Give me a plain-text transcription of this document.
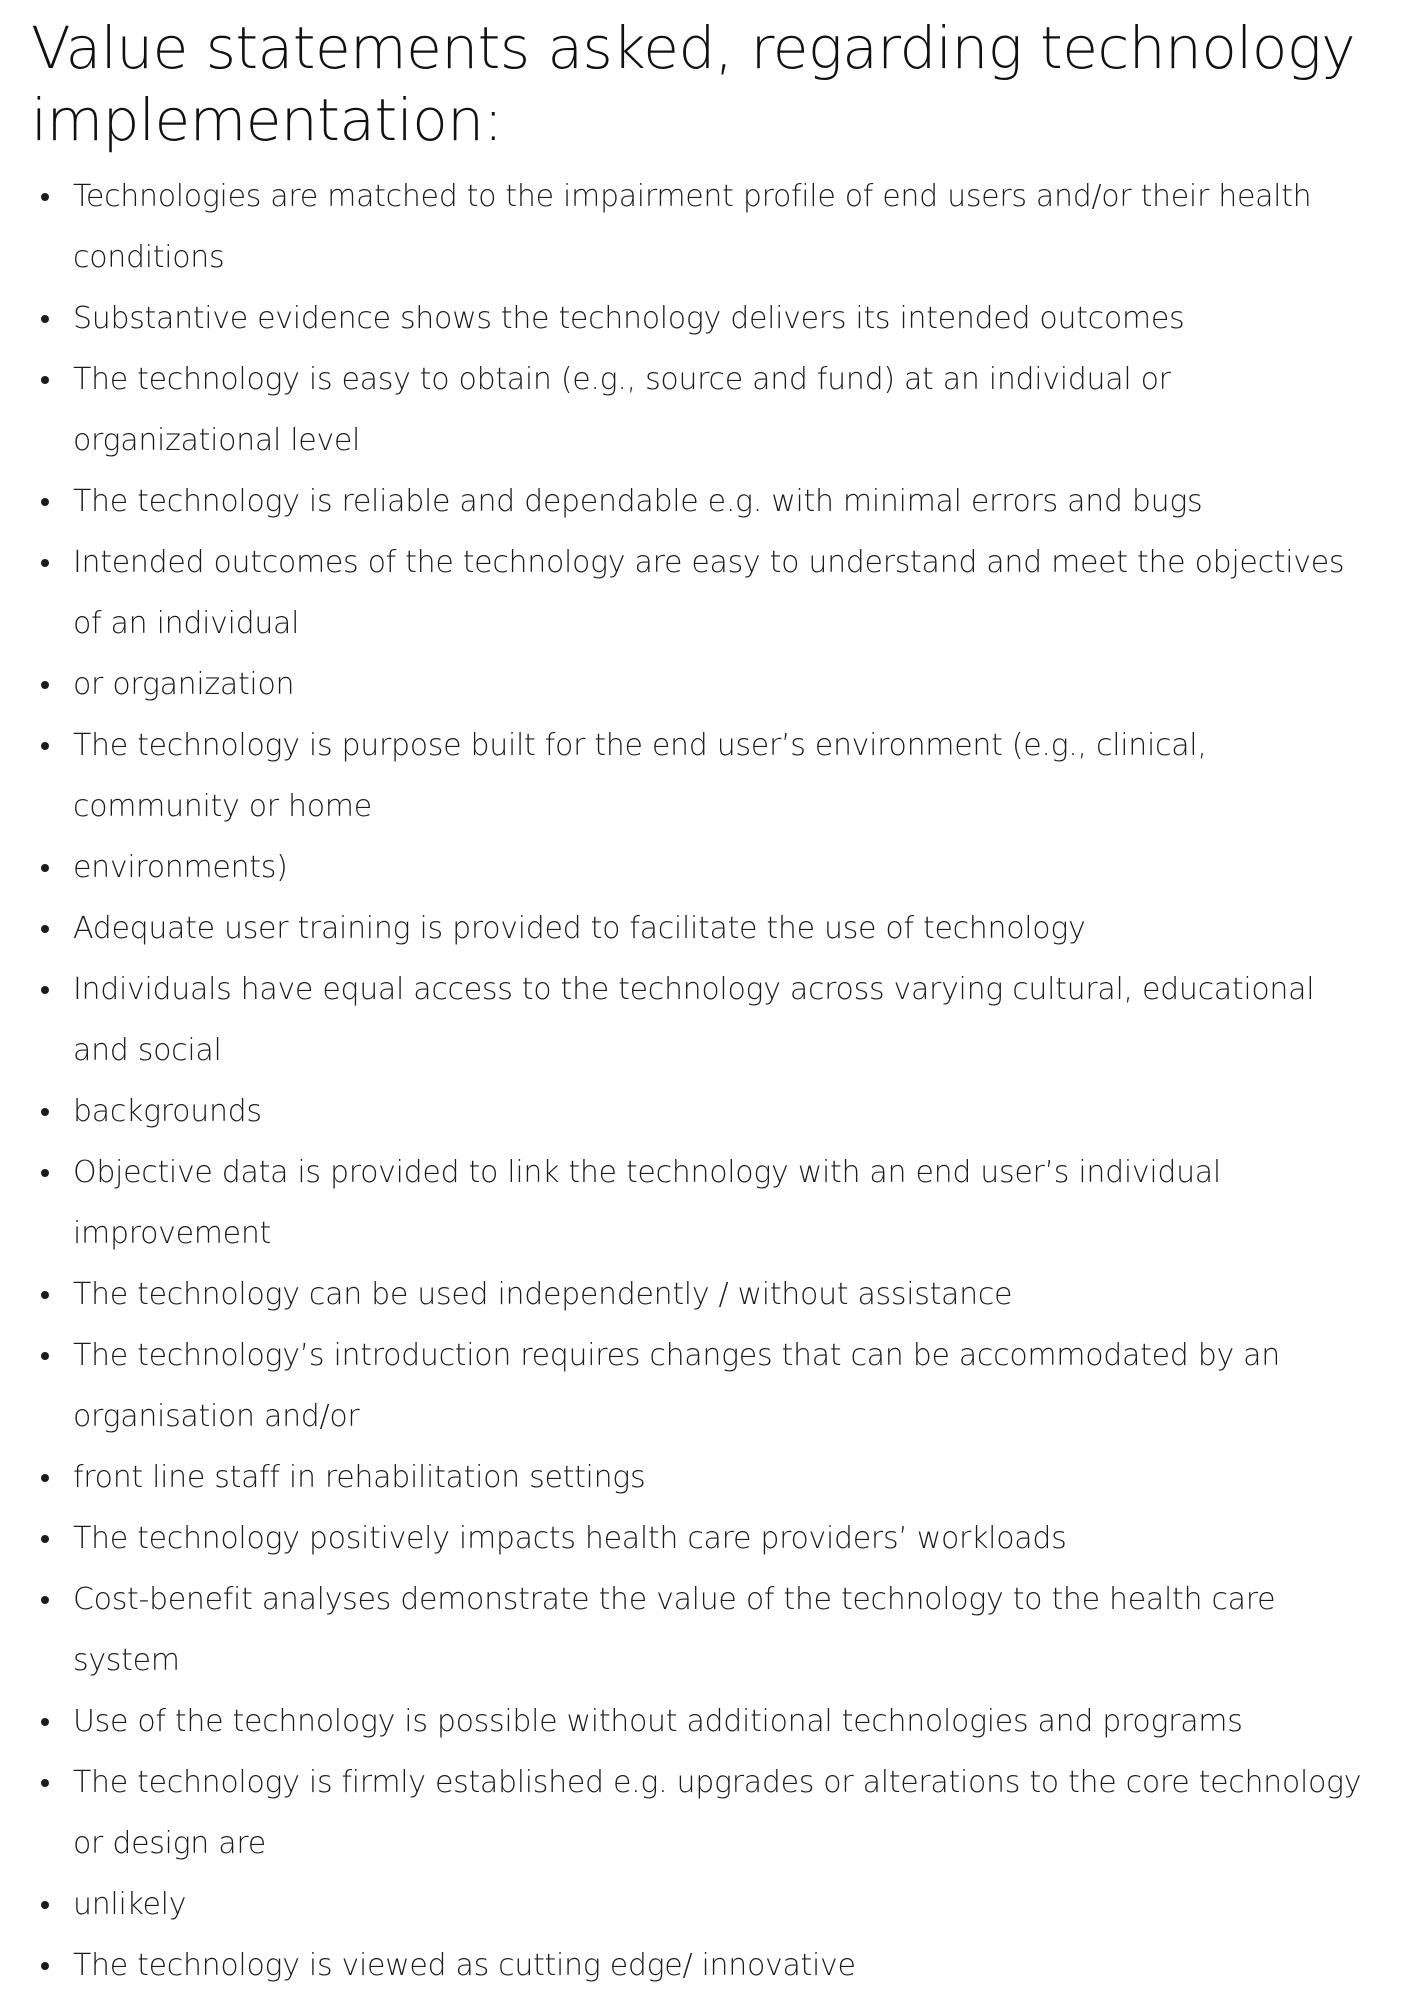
Value statements asked, regarding technology implementation:
Technologies are matched to the impairment profile of end users and/or their health conditions
Substantive evidence shows the technology delivers its intended outcomes
The technology is easy to obtain (e.g., source and fund) at an individual or organizational level
The technology is reliable and dependable e.g. with minimal errors and bugs
Intended outcomes of the technology are easy to understand and meet the objectives of an individual
or organization
The technology is purpose built for the end user’s environment (e.g., clinical, community or home
environments)
Adequate user training is provided to facilitate the use of technology
Individuals have equal access to the technology across varying cultural, educational and social
backgrounds
Objective data is provided to link the technology with an end user’s individual improvement
The technology can be used independently / without assistance
The technology’s introduction requires changes that can be accommodated by an organisation and/or
front line staff in rehabilitation settings
The technology positively impacts health care providers’ workloads
Cost-benefit analyses demonstrate the value of the technology to the health care system
Use of the technology is possible without additional technologies and programs
The technology is firmly established e.g. upgrades or alterations to the core technology or design are
unlikely
The technology is viewed as cutting edge/ innovative
